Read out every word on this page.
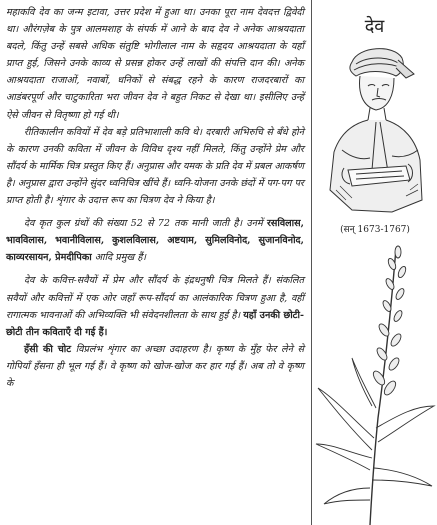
महाकवि देव का जन्म इटावा, उत्तर प्रदेश में हुआ था। उनका पूरा नाम देवदत्त द्विवेदी था। औरंगज़ेब के पुत्र आलमशाह के संपर्क में आने के बाद देव ने अनेक आश्रयदाता बदले, किंतु उन्हें सबसे अधिक संतुष्टि भोगीलाल नाम के सहृदय आश्रयदाता के यहाँ प्राप्त हुई, जिसने उनके काव्य से प्रसन्न होकर उन्हें लाखों की संपत्ति दान की। अनेक आश्रयदाता राजाओं, नवाबों, धनिकों से संबद्ध रहने के कारण राजदरबारों का आडंबरपूर्ण और चाटुकारिता भरा जीवन देव ने बहुत निकट से देखा था। इसीलिए उन्हें ऐसे जीवन से वितृष्णा हो गई थी।

रीतिकालीन कवियों में देव बड़े प्रतिभाशाली कवि थे। दरबारी अभिरुचि से बँधे होने के कारण उनकी कविता में जीवन के विविध दृश्य नहीं मिलते, किंतु उन्होंने प्रेम और सौंदर्य के मार्मिक चित्र प्रस्तुत किए हैं। अनुप्रास और यमक के प्रति देव में प्रबल आकर्षण है। अनुप्रास द्वारा उन्होंने सुंदर ध्वनिचित्र खींचे हैं। ध्वनि-योजना उनके छंदों में पग-पग पर प्राप्त होती है। शृंगार के उदात्त रूप का चित्रण देव ने किया है।

देव कृत कुल ग्रंथों की संख्या 52 से 72 तक मानी जाती है। उनमें रसविलास, भावविलास, भवानीविलास, कुशलविलास, अष्टयाम, सुमिलविनोद, सुजानविनोद, काव्यरसायन, प्रेमदीपिका आदि प्रमुख हैं।

देव के कवित्त-सवैयों में प्रेम और सौंदर्य के इंद्रधनुषी चित्र मिलते हैं। संकलित सवैयों और कवित्तों में एक ओर जहाँ रूप-सौंदर्य का आलंकारिक चित्रण हुआ है, वहीं रागात्मक भावनाओं की अभिव्यक्ति भी संवेदनशीलता के साथ हुई है। यहाँ उनकी छोटी-छोटी तीन कविताएँ दी गई हैं।

हँसी की चोट विप्रलंभ शृंगार का अच्छा उदाहरण है। कृष्ण के मुँह फेर लेने से गोपियाँ हँसना ही भूल गई हैं। वे कृष्ण को खोज-खोज कर हार गई हैं। अब तो वे कृष्ण के

देव
(सन् 1673-1767)
